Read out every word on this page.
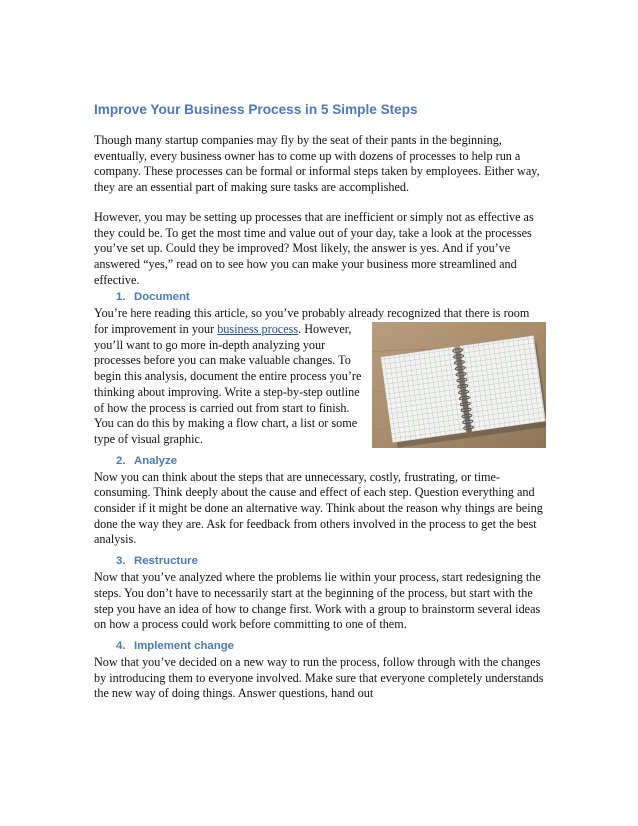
Improve Your Business Process in 5 Simple Steps

Though many startup companies may fly by the seat of their pants in the beginning, eventually, every business owner has to come up with dozens of processes to help run a company. These processes can be formal or informal steps taken by employees. Either way, they are an essential part of making sure tasks are accomplished.

However, you may be setting up processes that are inefficient or simply not as effective as they could be. To get the most time and value out of your day, take a look at the processes you’ve set up. Could they be improved? Most likely, the answer is yes. And if you’ve answered “yes,” read on to see how you can make your business more streamlined and effective.

1. Document

You’re here reading this article, so you’ve probably already recognized that there is room for improvement in your
business process. However, you’ll want to go more in-depth analyzing your processes before you can make valuable changes. To begin this analysis, document the entire process you’re thinking about improving. Write a step-by-step outline of how the process is carried out from start to finish. You can do this by making a flow chart, a list or some type of visual graphic.

2. Analyze

Now you can think about the steps that are unnecessary, costly, frustrating, or time-consuming. Think deeply about the cause and effect of each step. Question everything and consider if it might be done an alternative way. Think about the reason why things are being done the way they are. Ask for feedback from others involved in the process to get the best analysis.

3. Restructure

Now that you’ve analyzed where the problems lie within your process, start redesigning the steps. You don’t have to necessarily start at the beginning of the process, but start with the step you have an idea of how to change first. Work with a group to brainstorm several ideas on how a process could work before committing to one of them.

4. Implement change

Now that you’ve decided on a new way to run the process, follow through with the changes by introducing them to everyone involved. Make sure that everyone completely understands the new way of doing things. Answer questions, hand out
